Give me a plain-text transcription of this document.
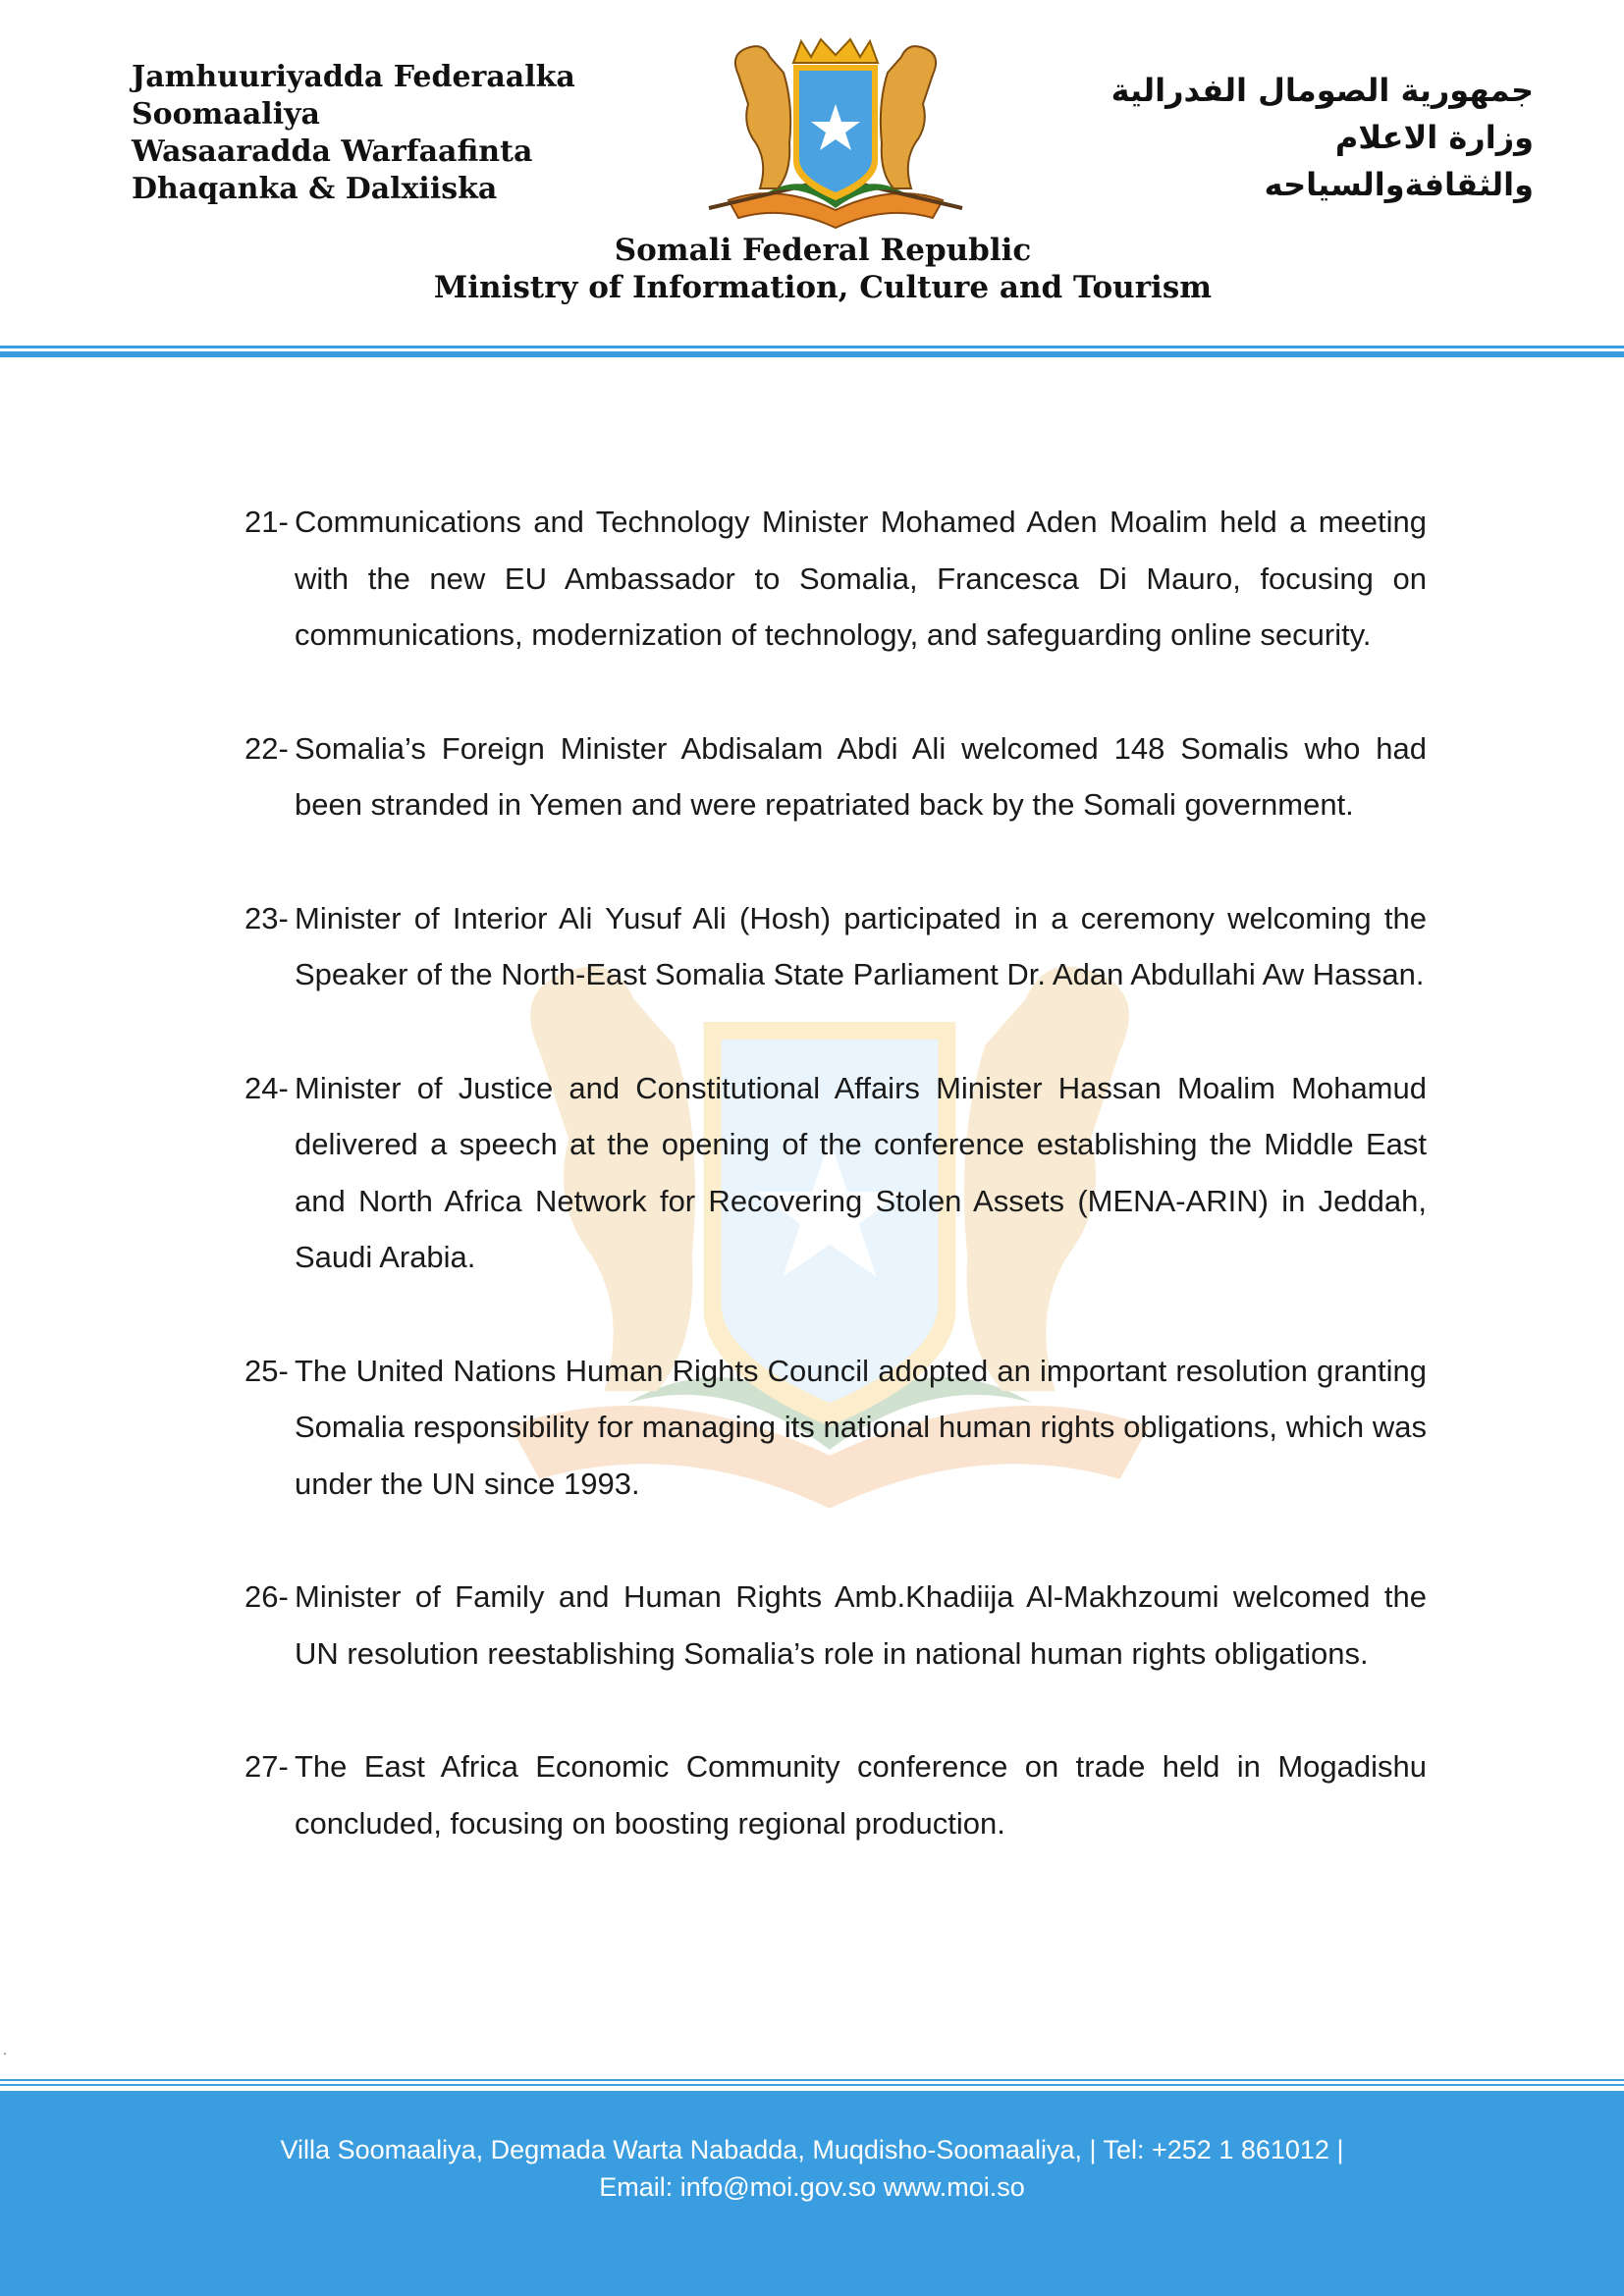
Jamhuuriyadda Federaalka
Soomaaliya
Wasaaradda Warfaafinta
Dhaqanka & Dalxiiska
جمهورية الصومال الفدرالية
وزارة الاعلام
والثقافةوالسياحه
Somali Federal Republic
Ministry of Information, Culture and Tourism
21- Communications and Technology Minister Mohamed Aden Moalim held a meeting with the new EU Ambassador to Somalia, Francesca Di Mauro, focusing on communications, modernization of technology, and safeguarding online security.
22- Somalia’s Foreign Minister Abdisalam Abdi Ali welcomed 148 Somalis who had been stranded in Yemen and were repatriated back by the Somali government.
23- Minister of Interior Ali Yusuf Ali (Hosh) participated in a ceremony welcoming the Speaker of the North-East Somalia State Parliament Dr. Adan Abdullahi Aw Hassan.
24- Minister of Justice and Constitutional Affairs Minister Hassan Moalim Mohamud delivered a speech at the opening of the conference establishing the Middle East and North Africa Network for Recovering Stolen Assets (MENA-ARIN) in Jeddah, Saudi Arabia.
25- The United Nations Human Rights Council adopted an important resolution granting Somalia responsibility for managing its national human rights obligations, which was under the UN since 1993.
26- Minister of Family and Human Rights Amb.Khadiija Al-Makhzoumi welcomed the UN resolution reestablishing Somalia’s role in national human rights obligations.
27- The East Africa Economic Community conference on trade held in Mogadishu concluded, focusing on boosting regional production.
.
Villa Soomaaliya, Degmada Warta Nabadda, Muqdisho-Soomaaliya, | Tel: +252 1 861012 |
Email: info@moi.gov.so www.moi.so
